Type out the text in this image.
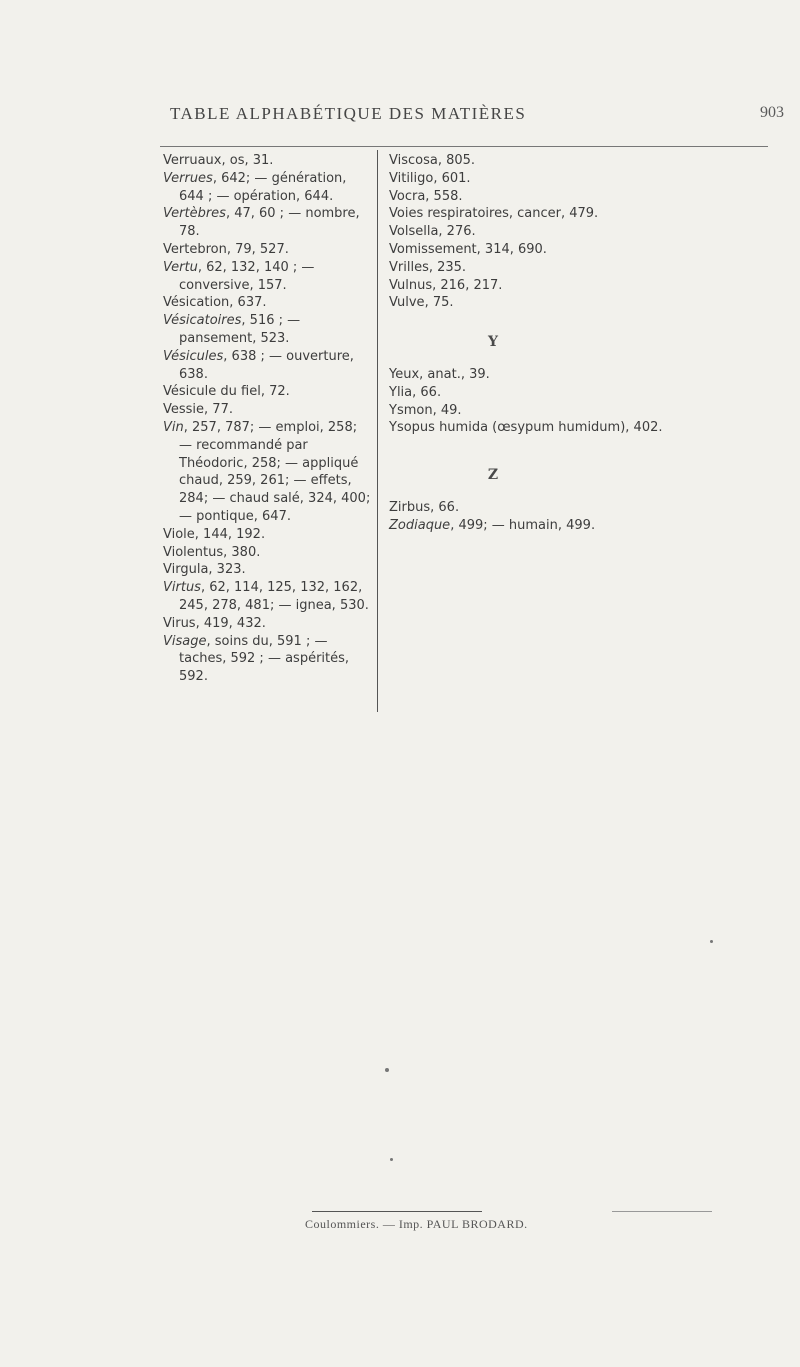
TABLE ALPHABÉTIQUE DES MATIÈRES	903

Verruaux, os, 31.

Verrues, 642; — génération, 644 ; — opération, 644.

Vertèbres, 47, 60 ; — nombre, 78.

Vertebron, 79, 527.

Vertu, 62, 132, 140 ; — conversive, 157.

Vésication, 637.

Vésicatoires, 516 ; — pansement, 523.

Vésicules, 638 ; — ouverture, 638.

Vésicule du fiel, 72.

Vessie, 77.

Vin, 257, 787; — emploi, 258; — recommandé par Théodoric, 258; — appliqué chaud, 259, 261; — effets, 284; — chaud salé, 324, 400; — pontique, 647.

Viole, 144, 192.

Violentus, 380.

Virgula, 323.

Virtus, 62, 114, 125, 132, 162, 245, 278, 481; — ignea, 530.

Virus, 419, 432.

Visage, soins du, 591 ; — taches, 592 ; — aspérités, 592.

Viscosa, 805.

Vitiligo, 601.

Vocra, 558.

Voies respiratoires, cancer, 479.

Volsella, 276.

Vomissement, 314, 690.

Vrilles, 235.

Vulnus, 216, 217.

Vulve, 75.

Y

Yeux, anat., 39.

Ylia, 66.

Ysmon, 49.

Ysopus humida (œsypum humidum), 402.

Z

Zirbus, 66.

Zodiaque, 499; — humain, 499.

Coulommiers. — Imp. PAUL BRODARD.
